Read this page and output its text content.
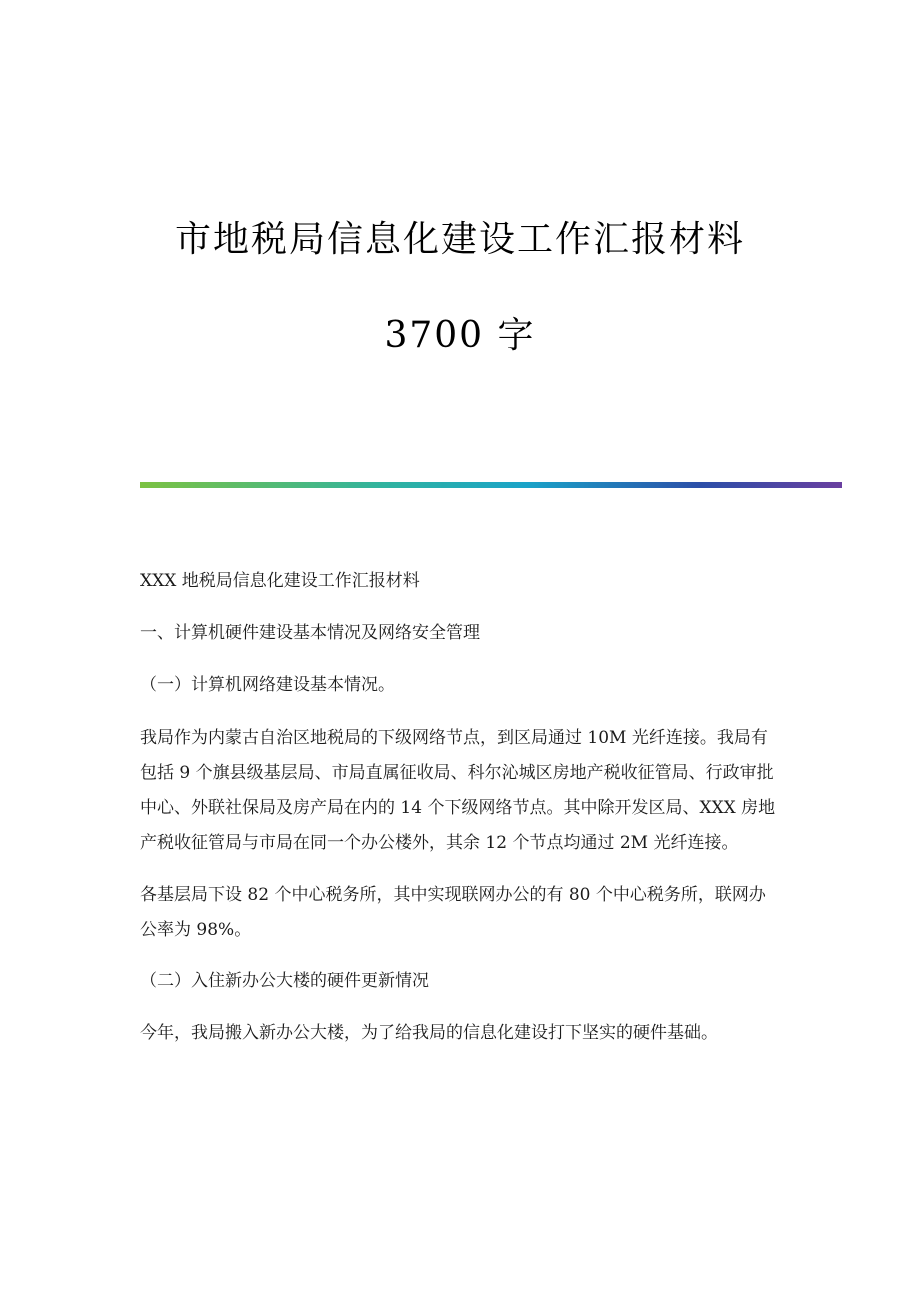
市地税局信息化建设工作汇报材料
3700 字

XXX 地税局信息化建设工作汇报材料

一、计算机硬件建设基本情况及网络安全管理

（一）计算机网络建设基本情况。

我局作为内蒙古自治区地税局的下级网络节点，到区局通过 10M 光纤连接。我局有包括 9 个旗县级基层局、市局直属征收局、科尔沁城区房地产税收征管局、行政审批中心、外联社保局及房产局在内的 14 个下级网络节点。其中除开发区局、XXX 房地产税收征管局与市局在同一个办公楼外，其余 12 个节点均通过 2M 光纤连接。

各基层局下设 82 个中心税务所，其中实现联网办公的有 80 个中心税务所，联网办公率为 98%。

（二）入住新办公大楼的硬件更新情况

今年，我局搬入新办公大楼，为了给我局的信息化建设打下坚实的硬件基础。
